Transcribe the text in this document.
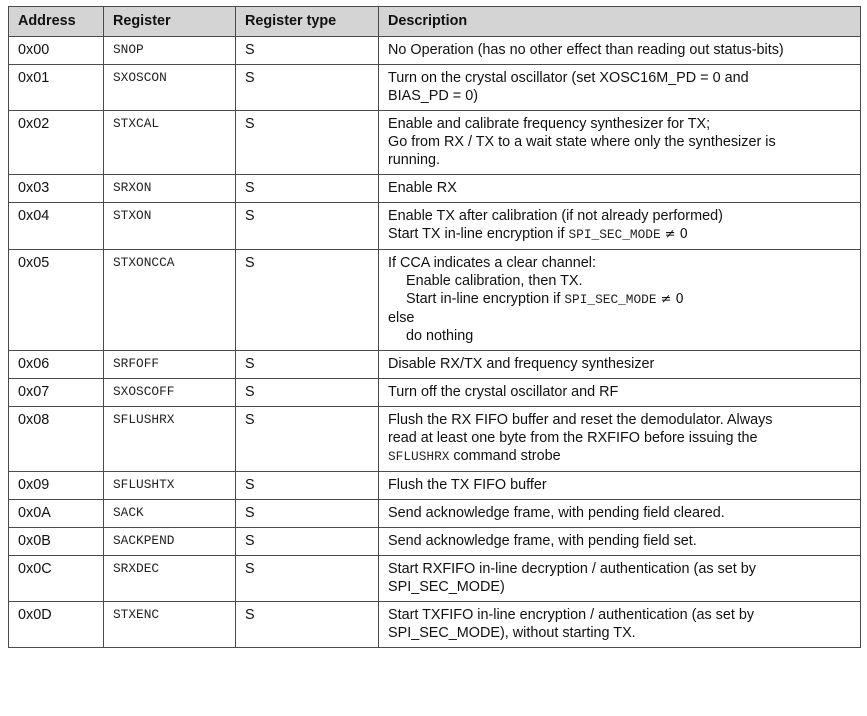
Address	Register	Register type	Description
0x00	SNOP	S	No Operation (has no other effect than reading out status-bits)

0x01	SXOSCON	S	Turn on the crystal oscillator (set XOSC16M_PD = 0 and
BIAS_PD = 0)

0x02	STXCAL	S	Enable and calibrate frequency synthesizer for TX;
Go from RX / TX to a wait state where only the synthesizer is
running.

0x03	SRXON	S	Enable RX

0x04	STXON	S	Enable TX after calibration (if not already performed)
Start TX in-line encryption if SPI_SEC_MODE ≠ 0

0x05	STXONCCA	S	If CCA indicates a clear channel:
Enable calibration, then TX.
Start in-line encryption if SPI_SEC_MODE ≠ 0
else
do nothing

0x06	SRFOFF	S	Disable RX/TX and frequency synthesizer

0x07	SXOSCOFF	S	Turn off the crystal oscillator and RF

0x08	SFLUSHRX	S	Flush the RX FIFO buffer and reset the demodulator. Always
read at least one byte from the RXFIFO before issuing the
SFLUSHRX command strobe

0x09	SFLUSHTX	S	Flush the TX FIFO buffer

0x0A	SACK	S	Send acknowledge frame, with pending field cleared.

0x0B	SACKPEND	S	Send acknowledge frame, with pending field set.

0x0C	SRXDEC	S	Start RXFIFO in-line decryption / authentication (as set by
SPI_SEC_MODE)

0x0D	STXENC	S	Start TXFIFO in-line encryption / authentication (as set by
SPI_SEC_MODE), without starting TX.
